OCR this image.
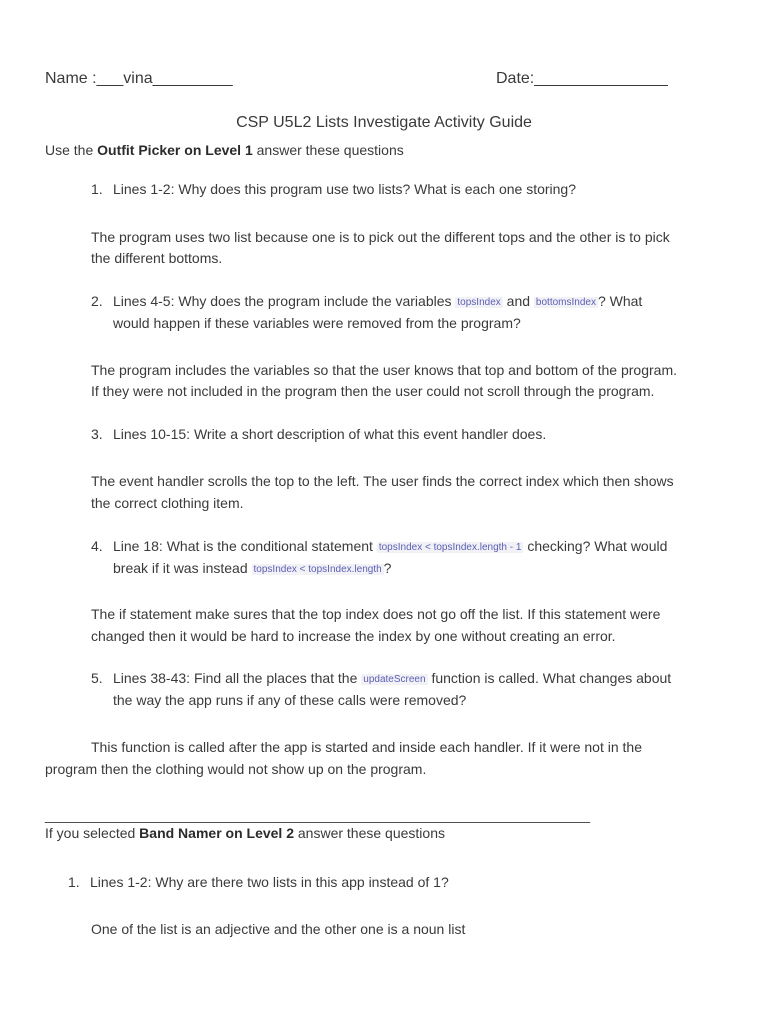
Name :___vina_________	Date:_______________
CSP U5L2 Lists Investigate Activity Guide
Use the Outfit Picker on Level 1 answer these questions
1. Lines 1-2: Why does this program use two lists? What is each one storing?
The program uses two list because one is to pick out the different tops and the other is to pick
the different bottoms.
2. Lines 4-5: Why does the program include the variables topsIndex and bottomsIndex ? What
would happen if these variables were removed from the program?
The program includes the variables so that the user knows that top and bottom of the program.
If they were not included in the program then the user could not scroll through the program.
3. Lines 10-15: Write a short description of what this event handler does.
The event handler scrolls the top to the left. The user finds the correct index which then shows
the correct clothing item.
4. Line 18: What is the conditional statement topsIndex < topsIndex.length - 1 checking? What would
break if it was instead topsIndex < topsIndex.length ?
The if statement make sures that the top index does not go off the list. If this statement were
changed then it would be hard to increase the index by one without creating an error.
5. Lines 38-43: Find all the places that the updateScreen function is called. What changes about
the way the app runs if any of these calls were removed?
This function is called after the app is started and inside each handler. If it were not in the
program then the clothing would not show up on the program.
______________________________________________________________________
If you selected Band Namer on Level 2 answer these questions
1. Lines 1-2: Why are there two lists in this app instead of 1?
One of the list is an adjective and the other one is a noun list
